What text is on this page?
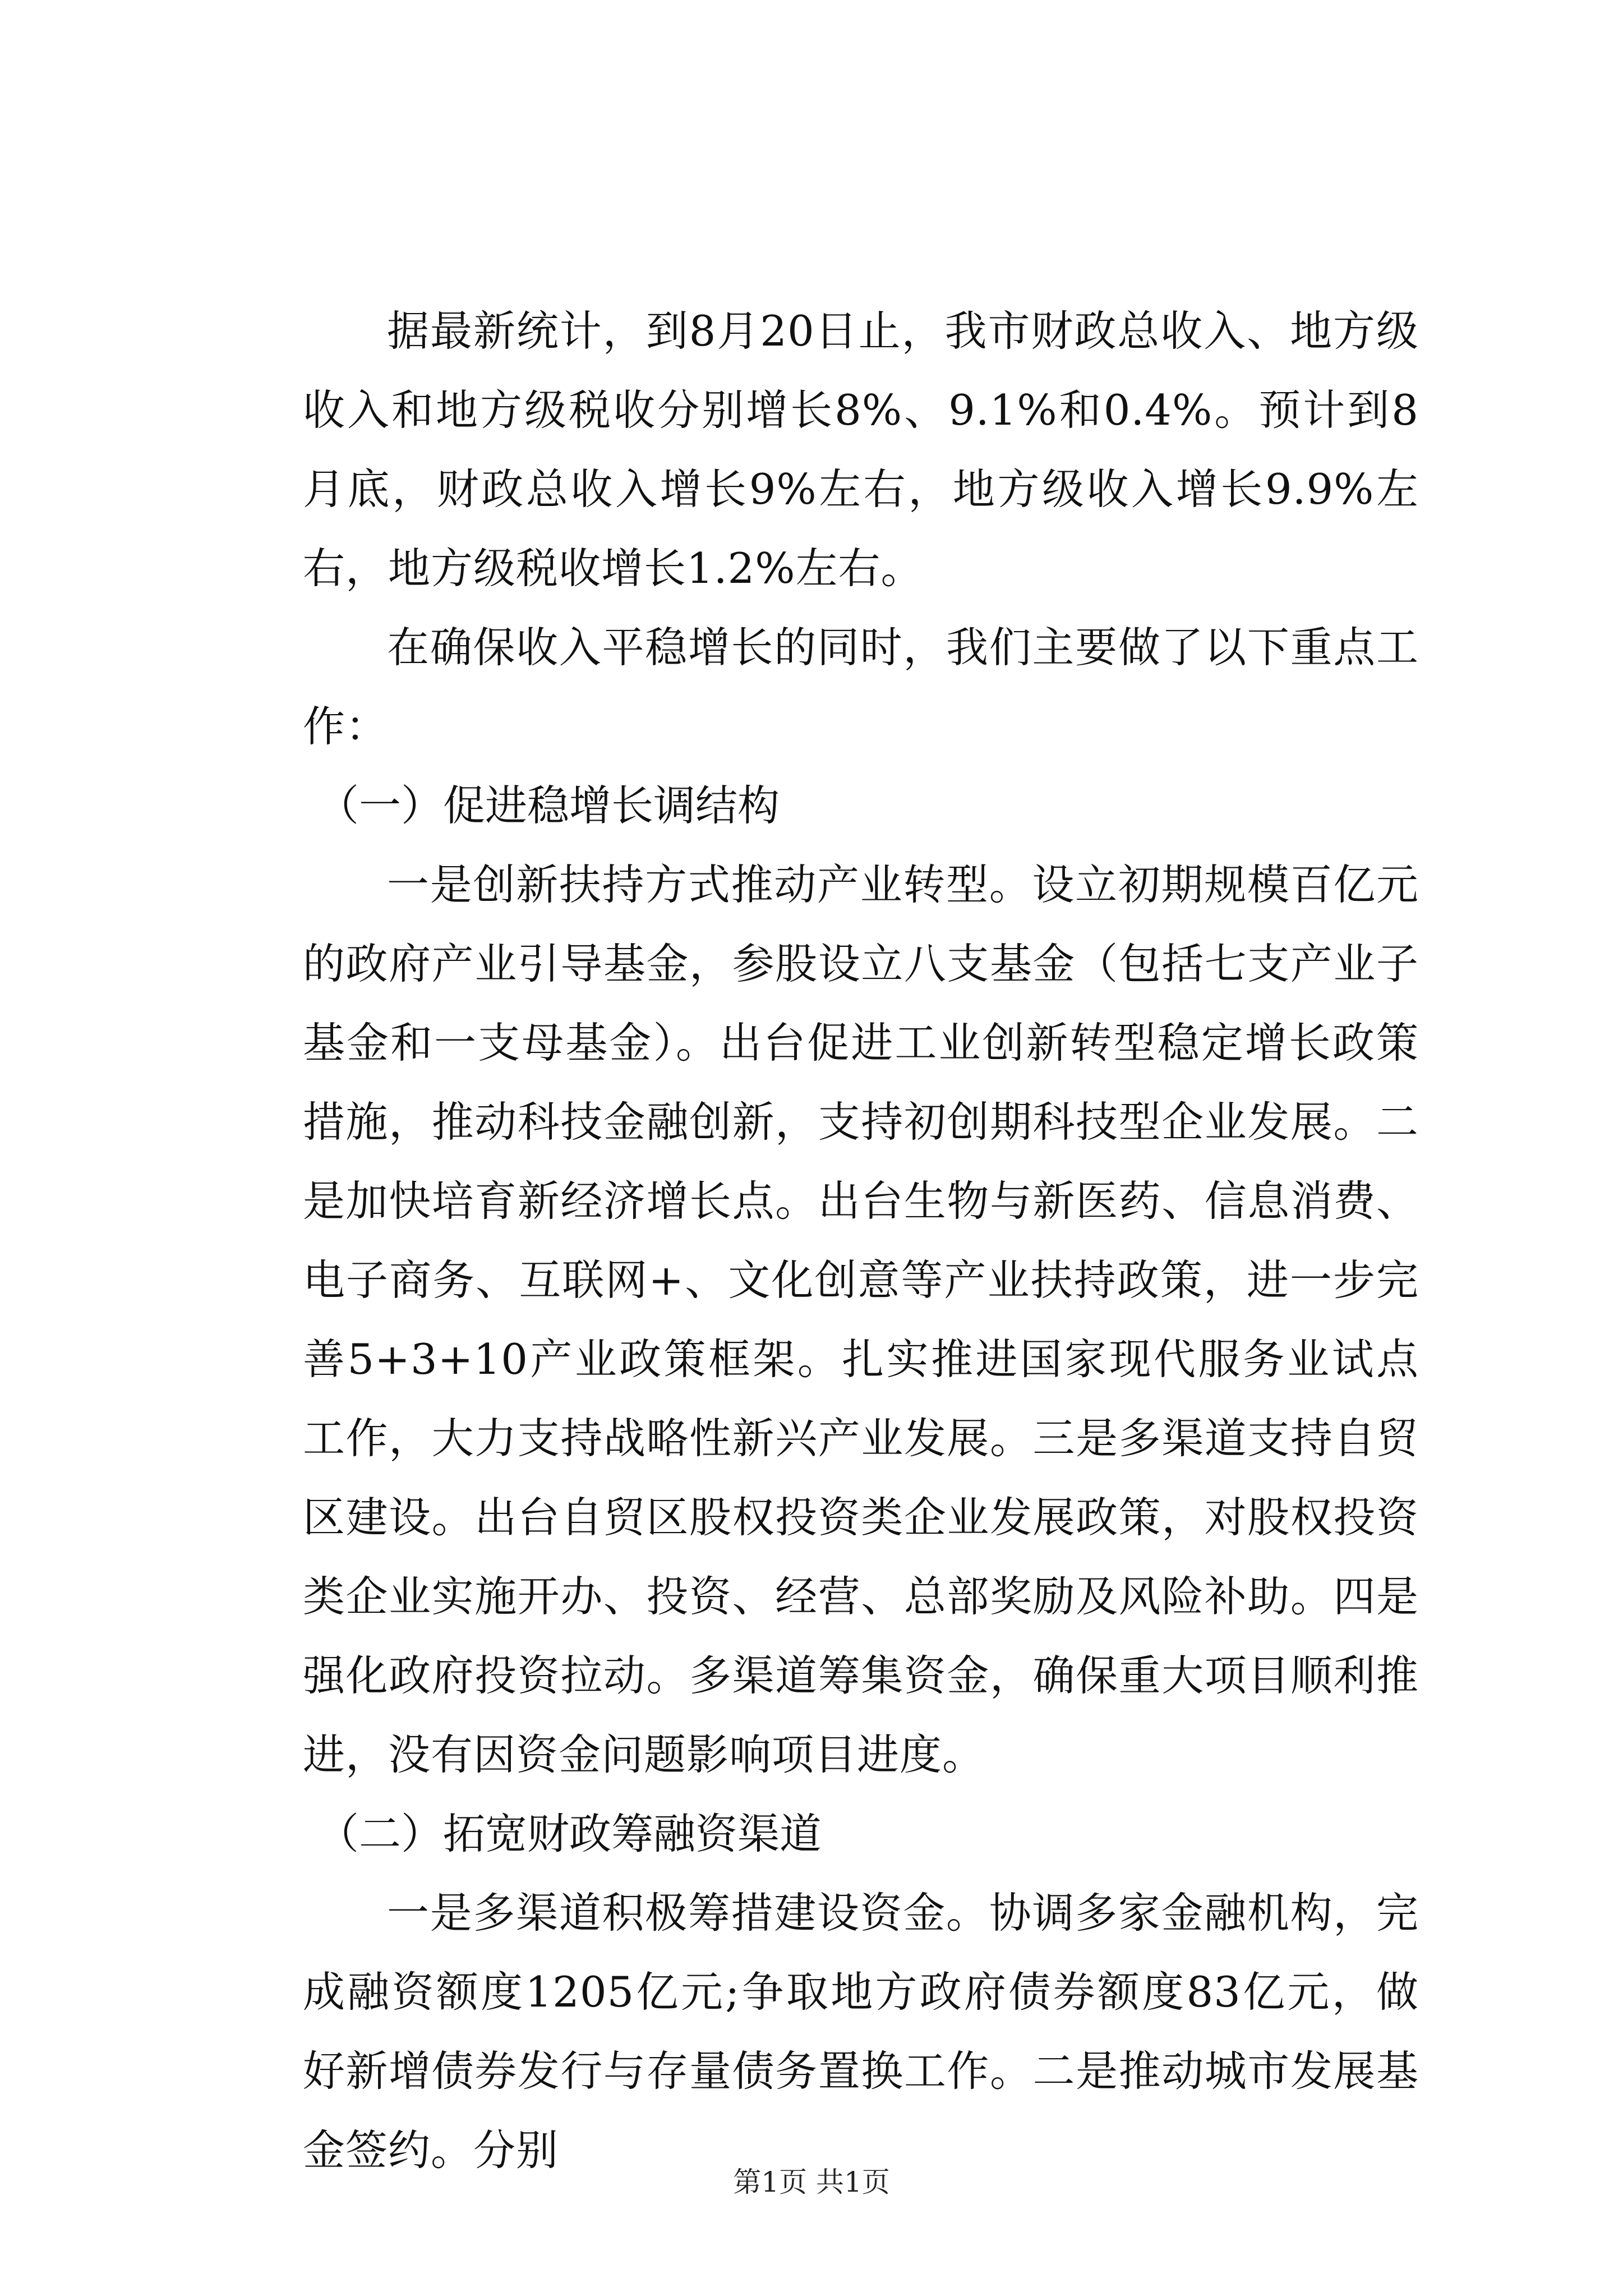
据最新统计，到8月20日止，我市财政总收入、地方级收入和地方级税收分别增长8%、9.1%和0.4%。预计到8月底，财政总收入增长9%左右，地方级收入增长9.9%左右，地方级税收增长1.2%左右。

在确保收入平稳增长的同时，我们主要做了以下重点工作：

（一）促进稳增长调结构

一是创新扶持方式推动产业转型。设立初期规模百亿元的政府产业引导基金，参股设立八支基金（包括七支产业子基金和一支母基金）。出台促进工业创新转型稳定增长政策措施，推动科技金融创新，支持初创期科技型企业发展。二是加快培育新经济增长点。出台生物与新医药、信息消费、电子商务、互联网+、文化创意等产业扶持政策，进一步完善5+3+10产业政策框架。扎实推进国家现代服务业试点工作，大力支持战略性新兴产业发展。三是多渠道支持自贸区建设。出台自贸区股权投资类企业发展政策，对股权投资类企业实施开办、投资、经营、总部奖励及风险补助。四是强化政府投资拉动。多渠道筹集资金，确保重大项目顺利推进，没有因资金问题影响项目进度。

（二）拓宽财政筹融资渠道

一是多渠道积极筹措建设资金。协调多家金融机构，完成融资额度1205亿元;争取地方政府债券额度83亿元，做好新增债券发行与存量债务置换工作。二是推动城市发展基金签约。分别

第1页 共1页
